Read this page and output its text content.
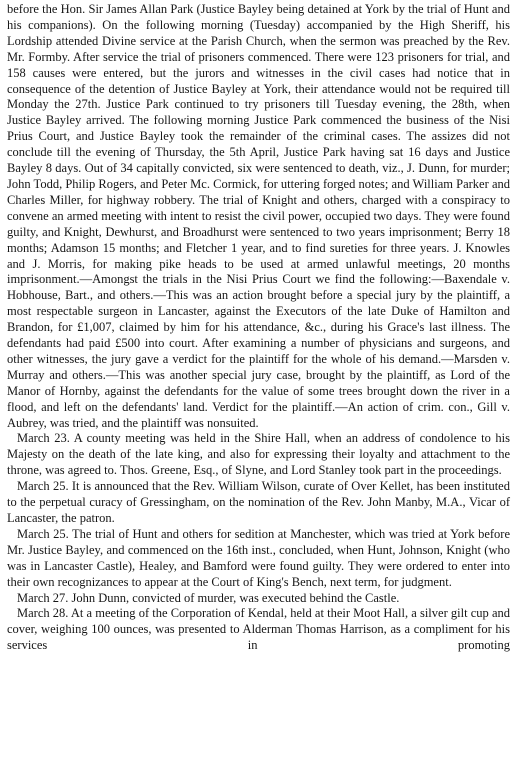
before the Hon. Sir James Allan Park (Justice Bayley being detained at York by the trial of Hunt and his companions). On the following morning (Tuesday) accompanied by the High Sheriff, his Lordship attended Divine service at the Parish Church, when the sermon was preached by the Rev. Mr. Formby. After service the trial of prisoners commenced. There were 123 prisoners for trial, and 158 causes were entered, but the jurors and witnesses in the civil cases had notice that in consequence of the detention of Justice Bayley at York, their attendance would not be required till Monday the 27th. Justice Park continued to try prisoners till Tuesday evening, the 28th, when Justice Bayley arrived. The following morning Justice Park commenced the business of the Nisi Prius Court, and Justice Bayley took the remainder of the criminal cases. The assizes did not conclude till the evening of Thursday, the 5th April, Justice Park having sat 16 days and Justice Bayley 8 days. Out of 34 capitally convicted, six were sentenced to death, viz., J. Dunn, for murder; John Todd, Philip Rogers, and Peter Mc. Cormick, for uttering forged notes; and William Parker and Charles Miller, for highway robbery. The trial of Knight and others, charged with a conspiracy to convene an armed meeting with intent to resist the civil power, occupied two days. They were found guilty, and Knight, Dewhurst, and Broadhurst were sentenced to two years imprisonment; Berry 18 months; Adamson 15 months; and Fletcher 1 year, and to find sureties for three years. J. Knowles and J. Morris, for making pike heads to be used at armed unlawful meetings, 20 months imprisonment.—Amongst the trials in the Nisi Prius Court we find the following:—Baxendale v. Hobhouse, Bart., and others.—This was an action brought before a special jury by the plaintiff, a most respectable surgeon in Lancaster, against the Executors of the late Duke of Hamilton and Brandon, for £1,007, claimed by him for his attendance, &c., during his Grace's last illness. The defendants had paid £500 into court. After examining a number of physicians and surgeons, and other witnesses, the jury gave a verdict for the plaintiff for the whole of his demand.—Marsden v. Murray and others.—This was another special jury case, brought by the plaintiff, as Lord of the Manor of Hornby, against the defendants for the value of some trees brought down the river in a flood, and left on the defendants' land. Verdict for the plaintiff.—An action of crim. con., Gill v. Aubrey, was tried, and the plaintiff was nonsuited.

March 23. A county meeting was held in the Shire Hall, when an address of condolence to his Majesty on the death of the late king, and also for expressing their loyalty and attachment to the throne, was agreed to. Thos. Greene, Esq., of Slyne, and Lord Stanley took part in the proceedings.

March 25. It is announced that the Rev. William Wilson, curate of Over Kellet, has been instituted to the perpetual curacy of Gressingham, on the nomination of the Rev. John Manby, M.A., Vicar of Lancaster, the patron.

March 25. The trial of Hunt and others for sedition at Manchester, which was tried at York before Mr. Justice Bayley, and commenced on the 16th inst., concluded, when Hunt, Johnson, Knight (who was in Lancaster Castle), Healey, and Bamford were found guilty. They were ordered to enter into their own recognizances to appear at the Court of King's Bench, next term, for judgment.

March 27. John Dunn, convicted of murder, was executed behind the Castle.

March 28. At a meeting of the Corporation of Kendal, held at their Moot Hall, a silver gilt cup and cover, weighing 100 ounces, was presented to Alderman Thomas Harrison, as a compliment for his services in promoting
